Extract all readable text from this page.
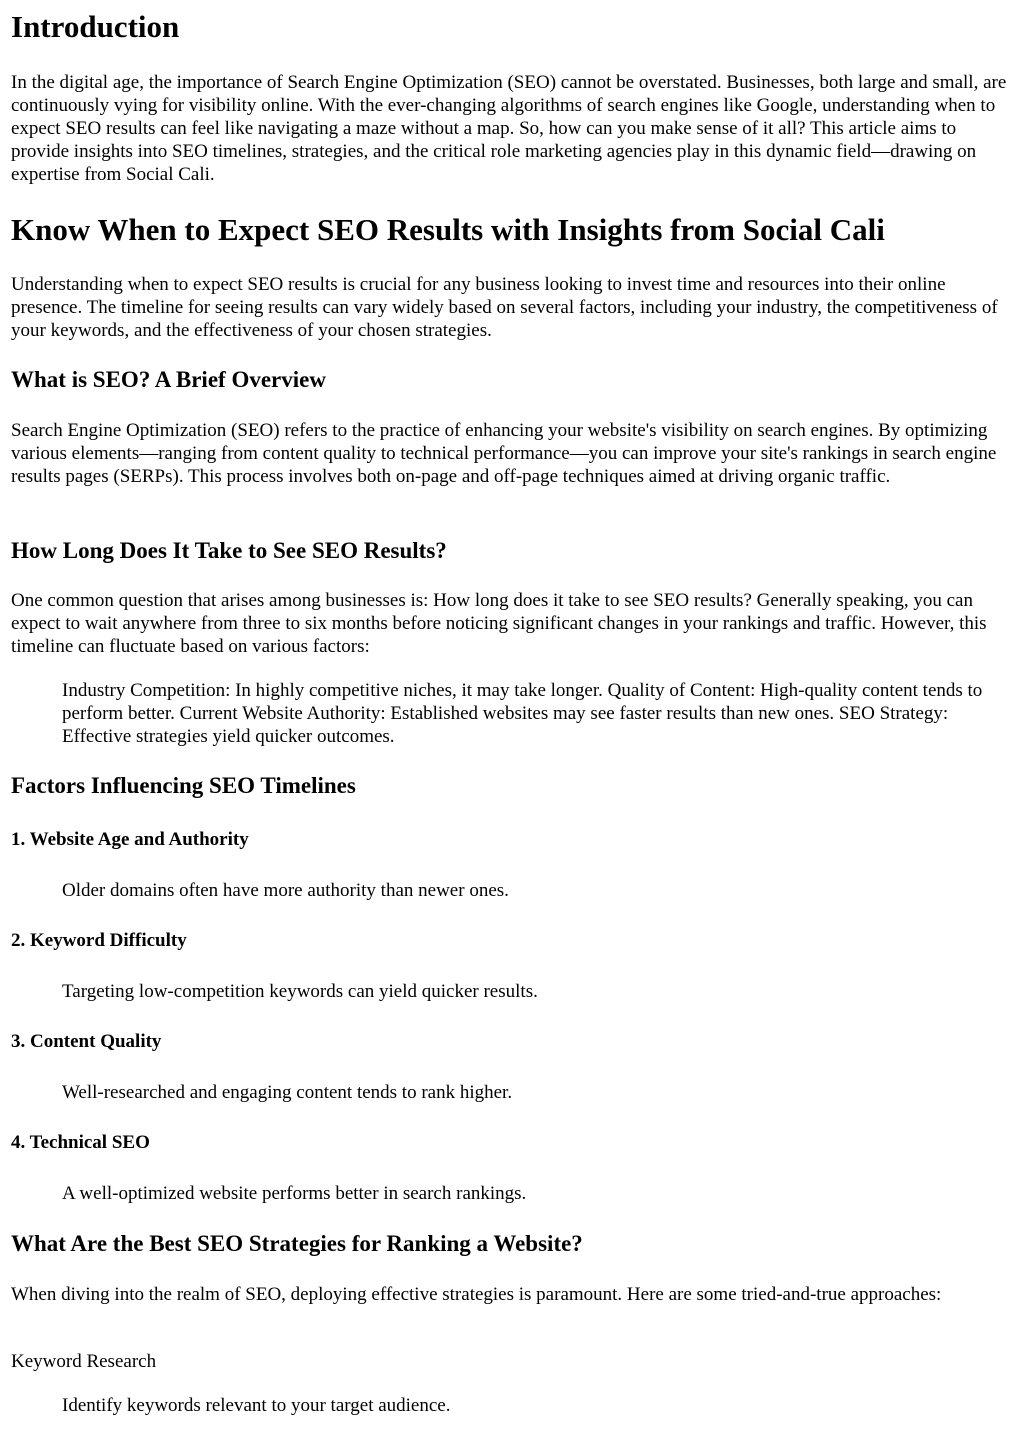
Introduction

In the digital age, the importance of Search Engine Optimization (SEO) cannot be overstated. Businesses, both large and small, are continuously vying for visibility online. With the ever-changing algorithms of search engines like Google, understanding when to expect SEO results can feel like navigating a maze without a map. So, how can you make sense of it all? This article aims to provide insights into SEO timelines, strategies, and the critical role marketing agencies play in this dynamic field—drawing on expertise from Social Cali.

Know When to Expect SEO Results with Insights from Social Cali

Understanding when to expect SEO results is crucial for any business looking to invest time and resources into their online presence. The timeline for seeing results can vary widely based on several factors, including your industry, the competitiveness of your keywords, and the effectiveness of your chosen strategies.

What is SEO? A Brief Overview

Search Engine Optimization (SEO) refers to the practice of enhancing your website's visibility on search engines. By optimizing various elements—ranging from content quality to technical performance—you can improve your site's rankings in search engine results pages (SERPs). This process involves both on-page and off-page techniques aimed at driving organic traffic.

How Long Does It Take to See SEO Results?

One common question that arises among businesses is: How long does it take to see SEO results? Generally speaking, you can expect to wait anywhere from three to six months before noticing significant changes in your rankings and traffic. However, this timeline can fluctuate based on various factors:

Industry Competition: In highly competitive niches, it may take longer. Quality of Content: High-quality content tends to perform better. Current Website Authority: Established websites may see faster results than new ones. SEO Strategy: Effective strategies yield quicker outcomes.
Factors Influencing SEO Timelines
1. Website Age and Authority
Older domains often have more authority than newer ones.
2. Keyword Difficulty
Targeting low-competition keywords can yield quicker results.
3. Content Quality
Well-researched and engaging content tends to rank higher.
4. Technical SEO
A well-optimized website performs better in search rankings.
What Are the Best SEO Strategies for Ranking a Website?

When diving into the realm of SEO, deploying effective strategies is paramount. Here are some tried-and-true approaches:

Keyword Research

Identify keywords relevant to your target audience.
